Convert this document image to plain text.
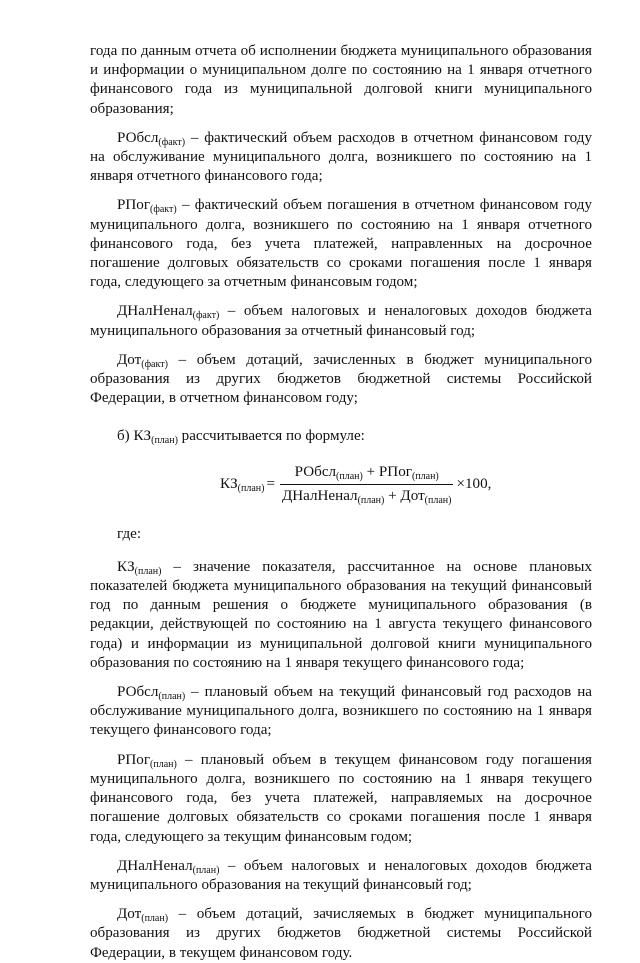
года по данным отчета об исполнении бюджета муниципального образования и информации о муниципальном долге по состоянию на 1 января отчетного финансового года из муниципальной долговой книги муниципального образования;

РОбсл$_{(факт)}$ – фактический объем расходов в отчетном финансовом году на обслуживание муниципального долга, возникшего по состоянию на 1 января отчетного финансового года;

РПог$_{(факт)}$ – фактический объем погашения в отчетном финансовом году муниципального долга, возникшего по состоянию на 1 января отчетного финансового года, без учета платежей, направленных на досрочное погашение долговых обязательств со сроками погашения после 1 января года, следующего за отчетным финансовым годом;

ДНалНенал$_{(факт)}$ – объем налоговых и неналоговых доходов бюджета муниципального образования за отчетный финансовый год;

Дот$_{(факт)}$ – объем дотаций, зачисленных в бюджет муниципального образования из других бюджетов бюджетной системы Российской Федерации, в отчетном финансовом году;

б) $КЗ_{(план)}$ рассчитывается по формуле:

$КЗ_{(план)} = \frac{РОбсл_{(план)} + РПог_{(план)}}{ДНалНенал_{(план)} + Дот_{(план)}} \times 100$,

где:

$КЗ_{(план)}$ – значение показателя, рассчитанное на основе плановых показателей бюджета муниципального образования на текущий финансовый год по данным решения о бюджете муниципального образования (в редакции, действующей по состоянию на 1 августа текущего финансового года) и информации из муниципальной долговой книги муниципального образования по состоянию на 1 января текущего финансового года;

РОбсл$_{(план)}$ – плановый объем на текущий финансовый год расходов на обслуживание муниципального долга, возникшего по состоянию на 1 января текущего финансового года;

РПог$_{(план)}$ – плановый объем в текущем финансовом году погашения муниципального долга, возникшего по состоянию на 1 января текущего финансового года, без учета платежей, направляемых на досрочное погашение долговых обязательств со сроками погашения после 1 января года, следующего за текущим финансовым годом;

ДНалНенал$_{(план)}$ – объем налоговых и неналоговых доходов бюджета муниципального образования на текущий финансовый год;

Дот$_{(план)}$ – объем дотаций, зачисляемых в бюджет муниципального образования из других бюджетов бюджетной системы Российской Федерации, в текущем финансовом году.
